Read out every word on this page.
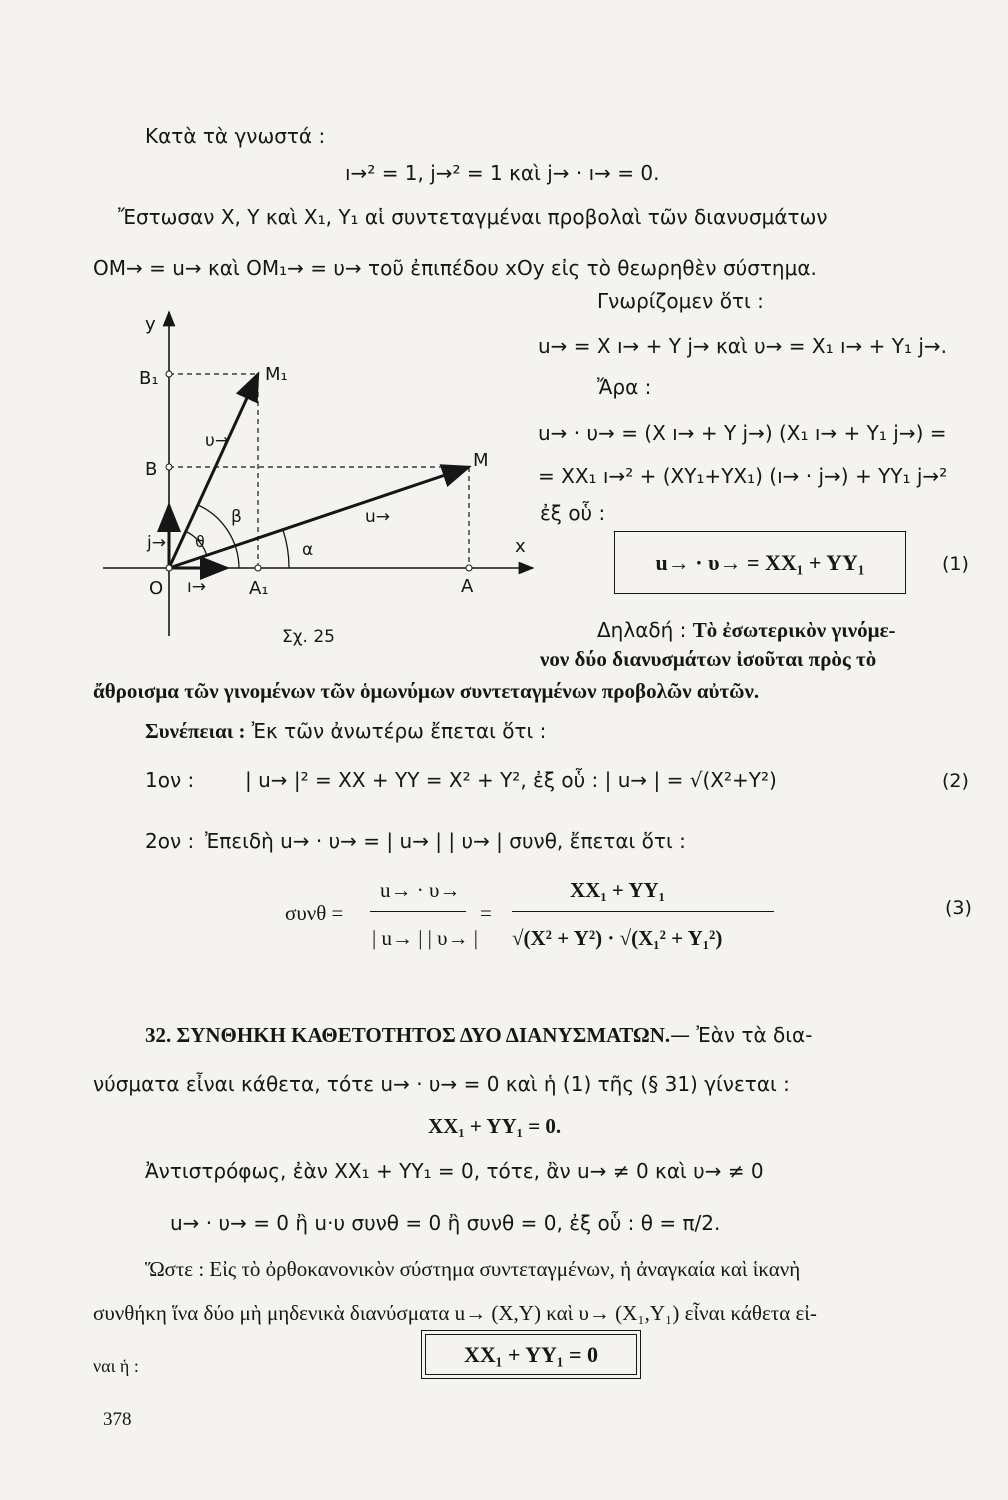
Κατὰ τὰ γνωστά :
ı→² = 1, j→² = 1 καὶ j→ · ı→ = 0.
Ἔστωσαν Χ, Υ καὶ Χ₁, Υ₁ αἱ συντεταγμέναι προβολαὶ τῶν διανυσμάτων
OM→ = u→ καὶ OM₁→ = υ→ τοῦ ἐπιπέδου xOy εἰς τὸ θεωρηθὲν σύστημα.
Γνωρίζομεν ὅτι :
u→ = X ı→ + Y j→ καὶ υ→ = X₁ ı→ + Y₁ j→.
Ἄρα :
u→ · υ→ = (X ı→ + Y j→) (X₁ ı→ + Y₁ j→) =
= XX₁ ı→² + (XY₁+YX₁) (ı→ · j→) + YY₁ j→²
ἐξ οὗ :
u→ · υ→ = XX₁ + YY₁	(1)
y
x
O	A
A₁
B
B₁
M
M₁
ı→
j→
u→
υ→
α
β
ϑ
Σχ. 25	Δηλαδή : Τὸ ἐσωτερικὸν γινόμε-
νον δύο διανυσμάτων ἰσοῦται πρὸς τὸ
ἄθροισμα τῶν γινομένων τῶν ὁμωνύμων συντεταγμένων προβολῶν αὐτῶν.
Συνέπειαι : Ἐκ τῶν ἀνωτέρω ἔπεται ὅτι :
1ον :	| u→ |² = XX + YY = X² + Y², ἐξ οὗ : | u→ | = √(X²+Y²)	(2)
2ον : Ἐπειδὴ u→ · υ→ = | u→ | | υ→ | συνθ, ἔπεται ὅτι :
συνθ =
u→ · υ→
| u→ | | υ→ |
=
XX₁ + YY₁
√(X² + Y²) · √(X₁² + Y₁²)
(3)
32. ΣΥΝΘΗΚΗ ΚΑΘΕΤΟΤΗΤΟΣ ΔΥΟ ΔΙΑΝΥΣΜΑΤΩΝ.— Ἐὰν τὰ δια-
νύσματα εἶναι κάθετα, τότε u→ · υ→ = 0 καὶ ἡ (1) τῆς (§ 31) γίνεται :
XX₁ + YY₁ = 0.
Ἀντιστρόφως, ἐὰν XX₁ + YY₁ = 0, τότε, ἂν u→ ≠ 0 καὶ υ→ ≠ 0
u→ · υ→ = 0 ἢ u·υ συνθ = 0 ἢ συνθ = 0, ἐξ οὗ : θ = π/2.
Ὥστε : Εἰς τὸ ὀρθοκανονικὸν σύστημα συντεταγμένων, ἡ ἀναγκαία καὶ ἱκανὴ
συνθήκη ἵνα δύο μὴ μηδενικὰ διανύσματα u→ (X,Y) καὶ υ→ (X₁,Y₁) εἶναι κάθετα εἰ-
ναι ἡ :	XX₁ + YY₁ = 0
378
